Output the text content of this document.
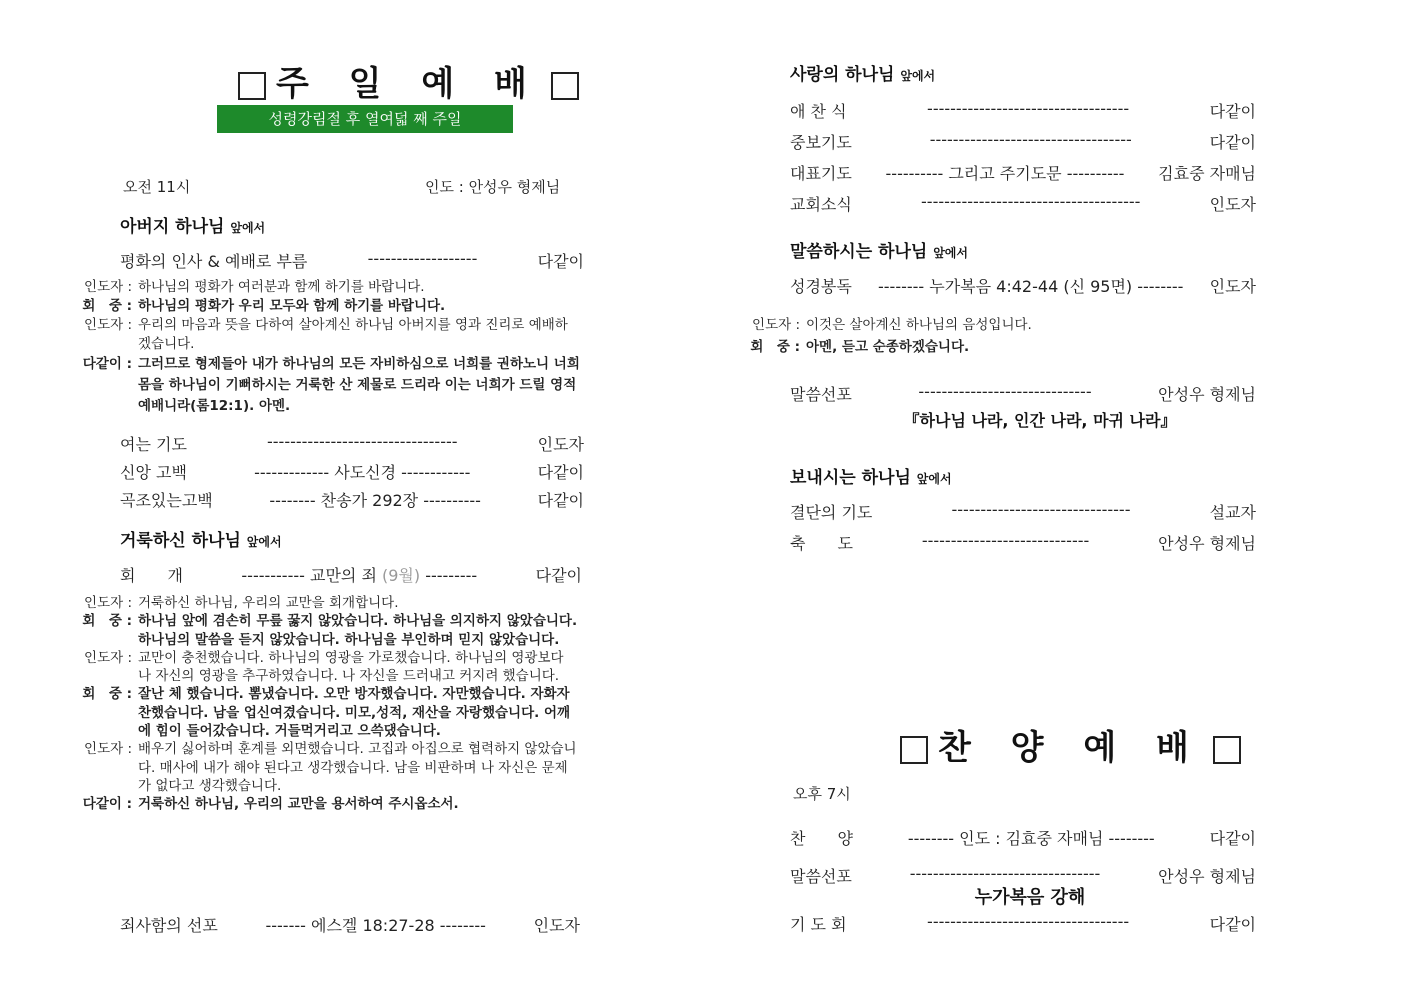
주 일 예 배
성령강림절 후 열여덟 째 주일
오전 11시	인도 : 안성우 형제님
아버지 하나님 앞에서
평화의 인사 & 예배로 부름	-------------------	다같이
인도자 : 하나님의 평화가 여러분과 함께 하기를 바랍니다.
회　중 : 하나님의 평화가 우리 모두와 함께 하기를 바랍니다.
인도자 : 우리의 마음과 뜻을 다하여 살아계신 하나님 아버지를 영과 진리로 예배하겠습니다.
다같이 : 그러므로 형제들아 내가 하나님의 모든 자비하심으로 너희를 권하노니 너희 몸을 하나님이 기뻐하시는 거룩한 산 제물로 드리라 이는 너희가 드릴 영적 예배니라(롬12:1). 아멘.
여는 기도	---------------------------------	인도자
신앙 고백	------------- 사도신경 ------------	다같이
곡조있는고백	-------- 찬송가 292장 ----------	다같이
거룩하신 하나님 앞에서
회　　개	----------- 교만의 죄 (9월) ---------	다같이
인도자 : 거룩하신 하나님, 우리의 교만을 회개합니다.
회　중 : 하나님 앞에 겸손히 무릎 꿇지 않았습니다. 하나님을 의지하지 않았습니다. 하나님의 말씀을 듣지 않았습니다. 하나님을 부인하며 믿지 않았습니다.
인도자 : 교만이 충천했습니다. 하나님의 영광을 가로챘습니다. 하나님의 영광보다 나 자신의 영광을 추구하였습니다. 나 자신을 드러내고 커지려 했습니다.
회　중 : 잘난 체 했습니다. 뽐냈습니다. 오만 방자했습니다. 자만했습니다. 자화자찬했습니다. 남을 업신여겼습니다. 미모,성적, 재산을 자랑했습니다. 어깨에 힘이 들어갔습니다. 거들먹거리고 으쓱댔습니다.
인도자 : 배우기 싫어하며 훈계를 외면했습니다. 고집과 아집으로 협력하지 않았습니다. 매사에 내가 해야 된다고 생각했습니다. 남을 비판하며 나 자신은 문제가 없다고 생각했습니다.
다같이 : 거룩하신 하나님, 우리의 교만을 용서하여 주시옵소서.
죄사함의 선포	------- 에스겔 18:27-28 --------	인도자
사랑의 하나님 앞에서
애 찬 식	-----------------------------------	다같이
중보기도	-----------------------------------	다같이
대표기도	---------- 그리고 주기도문 ----------	김효중 자매님
교회소식	--------------------------------------	인도자
말씀하시는 하나님 앞에서
성경봉독	-------- 누가복음 4:42-44 (신 95면) --------	인도자
인도자 : 이것은 살아계신 하나님의 음성입니다.
회　중 : 아멘, 듣고 순종하겠습니다.
말씀선포	------------------------------	안성우 형제님
『하나님 나라, 인간 나라, 마귀 나라』
보내시는 하나님 앞에서
결단의 기도	-------------------------------	설교자
축　　도	-----------------------------	안성우 형제님
찬 양 예 배
오후 7시
찬　　양	-------- 인도 : 김효중 자매님 --------	다같이
말씀선포	---------------------------------	안성우 형제님
누가복음 강해
기 도 회	-----------------------------------	다같이
